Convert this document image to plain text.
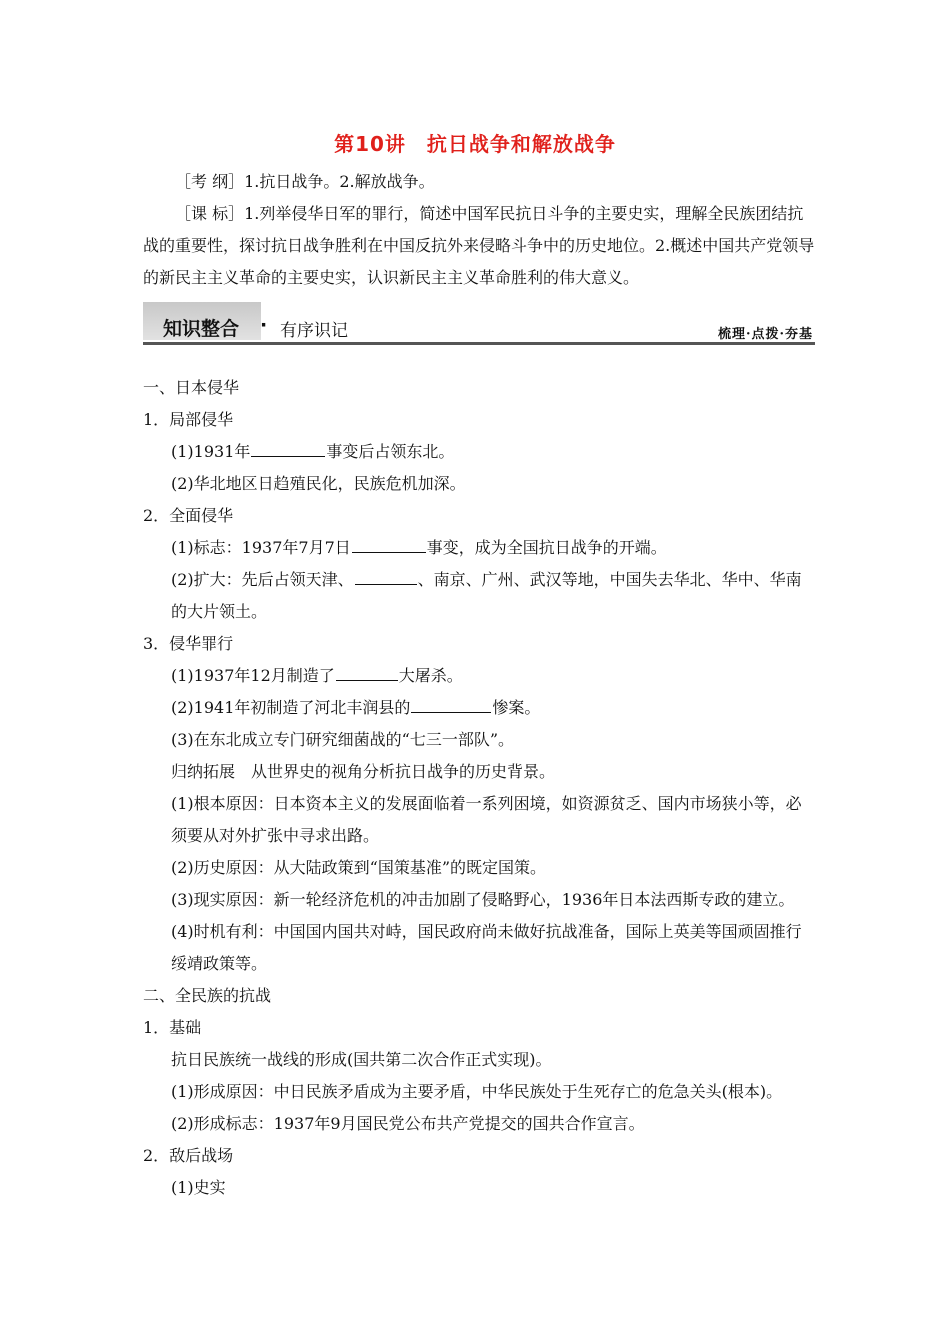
第10讲　抗日战争和解放战争

［考 纲］1.抗日战争。2.解放战争。

［课 标］1.列举侵华日军的罪行，简述中国军民抗日斗争的主要史实，理解全民族团结抗战的重要性，探讨抗日战争胜利在中国反抗外来侵略斗争中的历史地位。2.概述中国共产党领导的新民主主义革命的主要史实，认识新民主主义革命胜利的伟大意义。

知识整合 · 有序识记	梳理·点拨·夯基

一、日本侵华

1．局部侵华

(1)1931年	事变后占领东北。

(2)华北地区日趋殖民化，民族危机加深。

2．全面侵华

(1)标志：1937年7月7日	事变，成为全国抗日战争的开端。

(2)扩大：先后占领天津、	、南京、广州、武汉等地，中国失去华北、华中、华南的大片领土。

3．侵华罪行

(1)1937年12月制造了	大屠杀。

(2)1941年初制造了河北丰润县的	惨案。

(3)在东北成立专门研究细菌战的“七三一部队”。

归纳拓展　从世界史的视角分析抗日战争的历史背景。

(1)根本原因：日本资本主义的发展面临着一系列困境，如资源贫乏、国内市场狭小等，必须要从对外扩张中寻求出路。

(2)历史原因：从大陆政策到“国策基准”的既定国策。

(3)现实原因：新一轮经济危机的冲击加剧了侵略野心，1936年日本法西斯专政的建立。

(4)时机有利：中国国内国共对峙，国民政府尚未做好抗战准备，国际上英美等国顽固推行绥靖政策等。

二、全民族的抗战

1．基础

抗日民族统一战线的形成(国共第二次合作正式实现)。

(1)形成原因：中日民族矛盾成为主要矛盾，中华民族处于生死存亡的危急关头(根本)。

(2)形成标志：1937年9月国民党公布共产党提交的国共合作宣言。

2．敌后战场

(1)史实
